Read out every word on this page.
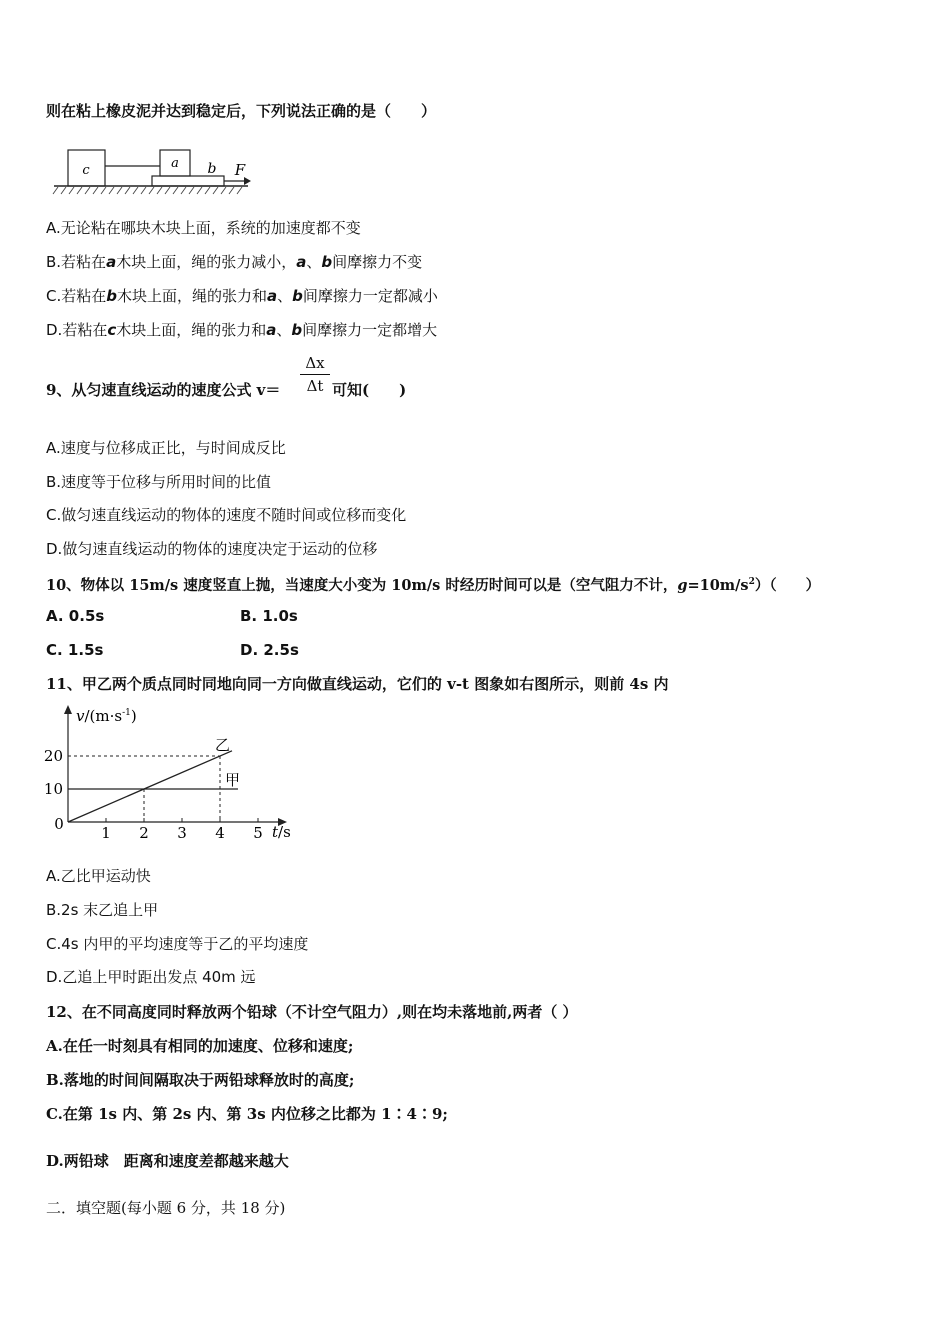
则在粘上橡皮泥并达到稳定后，下列说法正确的是（　　）
c	a b F
A.无论粘在哪块木块上面，系统的加速度都不变
B.若粘在a木块上面，绳的张力减小，a、b间摩擦力不变
C.若粘在b木块上面，绳的张力和a、b间摩擦力一定都减小
D.若粘在c木块上面，绳的张力和a、b间摩擦力一定都增大
9、从匀速直线运动的速度公式 v＝
Δx
Δt 可知(　　)
A.速度与位移成正比，与时间成反比
B.速度等于位移与所用时间的比值
C.做匀速直线运动的物体的速度不随时间或位移而变化
D.做匀速直线运动的物体的速度决定于运动的位移
10、物体以 15m/s 速度竖直上抛，当速度大小变为 10m/s 时经历时间可以是（空气阻力不计，$g=10m/s^2$）（　　）
A. 0.5s	B. 1.0s
C. 1.5s	D. 2.5s
11、甲乙两个质点同时同地向同一方向做直线运动，它们的 v-t 图象如右图所示，则前 4s 内
$v/(m\cdot s^{-1})$
t/s
0 1 2 3 4 5
20
10	甲
乙
A.乙比甲运动快
B.2s 末乙追上甲
C.4s 内甲的平均速度等于乙的平均速度
D.乙追上甲时距出发点 40m 远
12、在不同高度同时释放两个铅球（不计空气阻力）,则在均未落地前,两者（ ）
A.在任一时刻具有相同的加速度、位移和速度;
B.落地的时间间隔取决于两铅球释放时的高度;
C.在第 1s 内、第 2s 内、第 3s 内位移之比都为 1∶4∶9;
D.两铅球　距离和速度差都越来越大
二．填空题(每小题 6 分，共 18 分)
